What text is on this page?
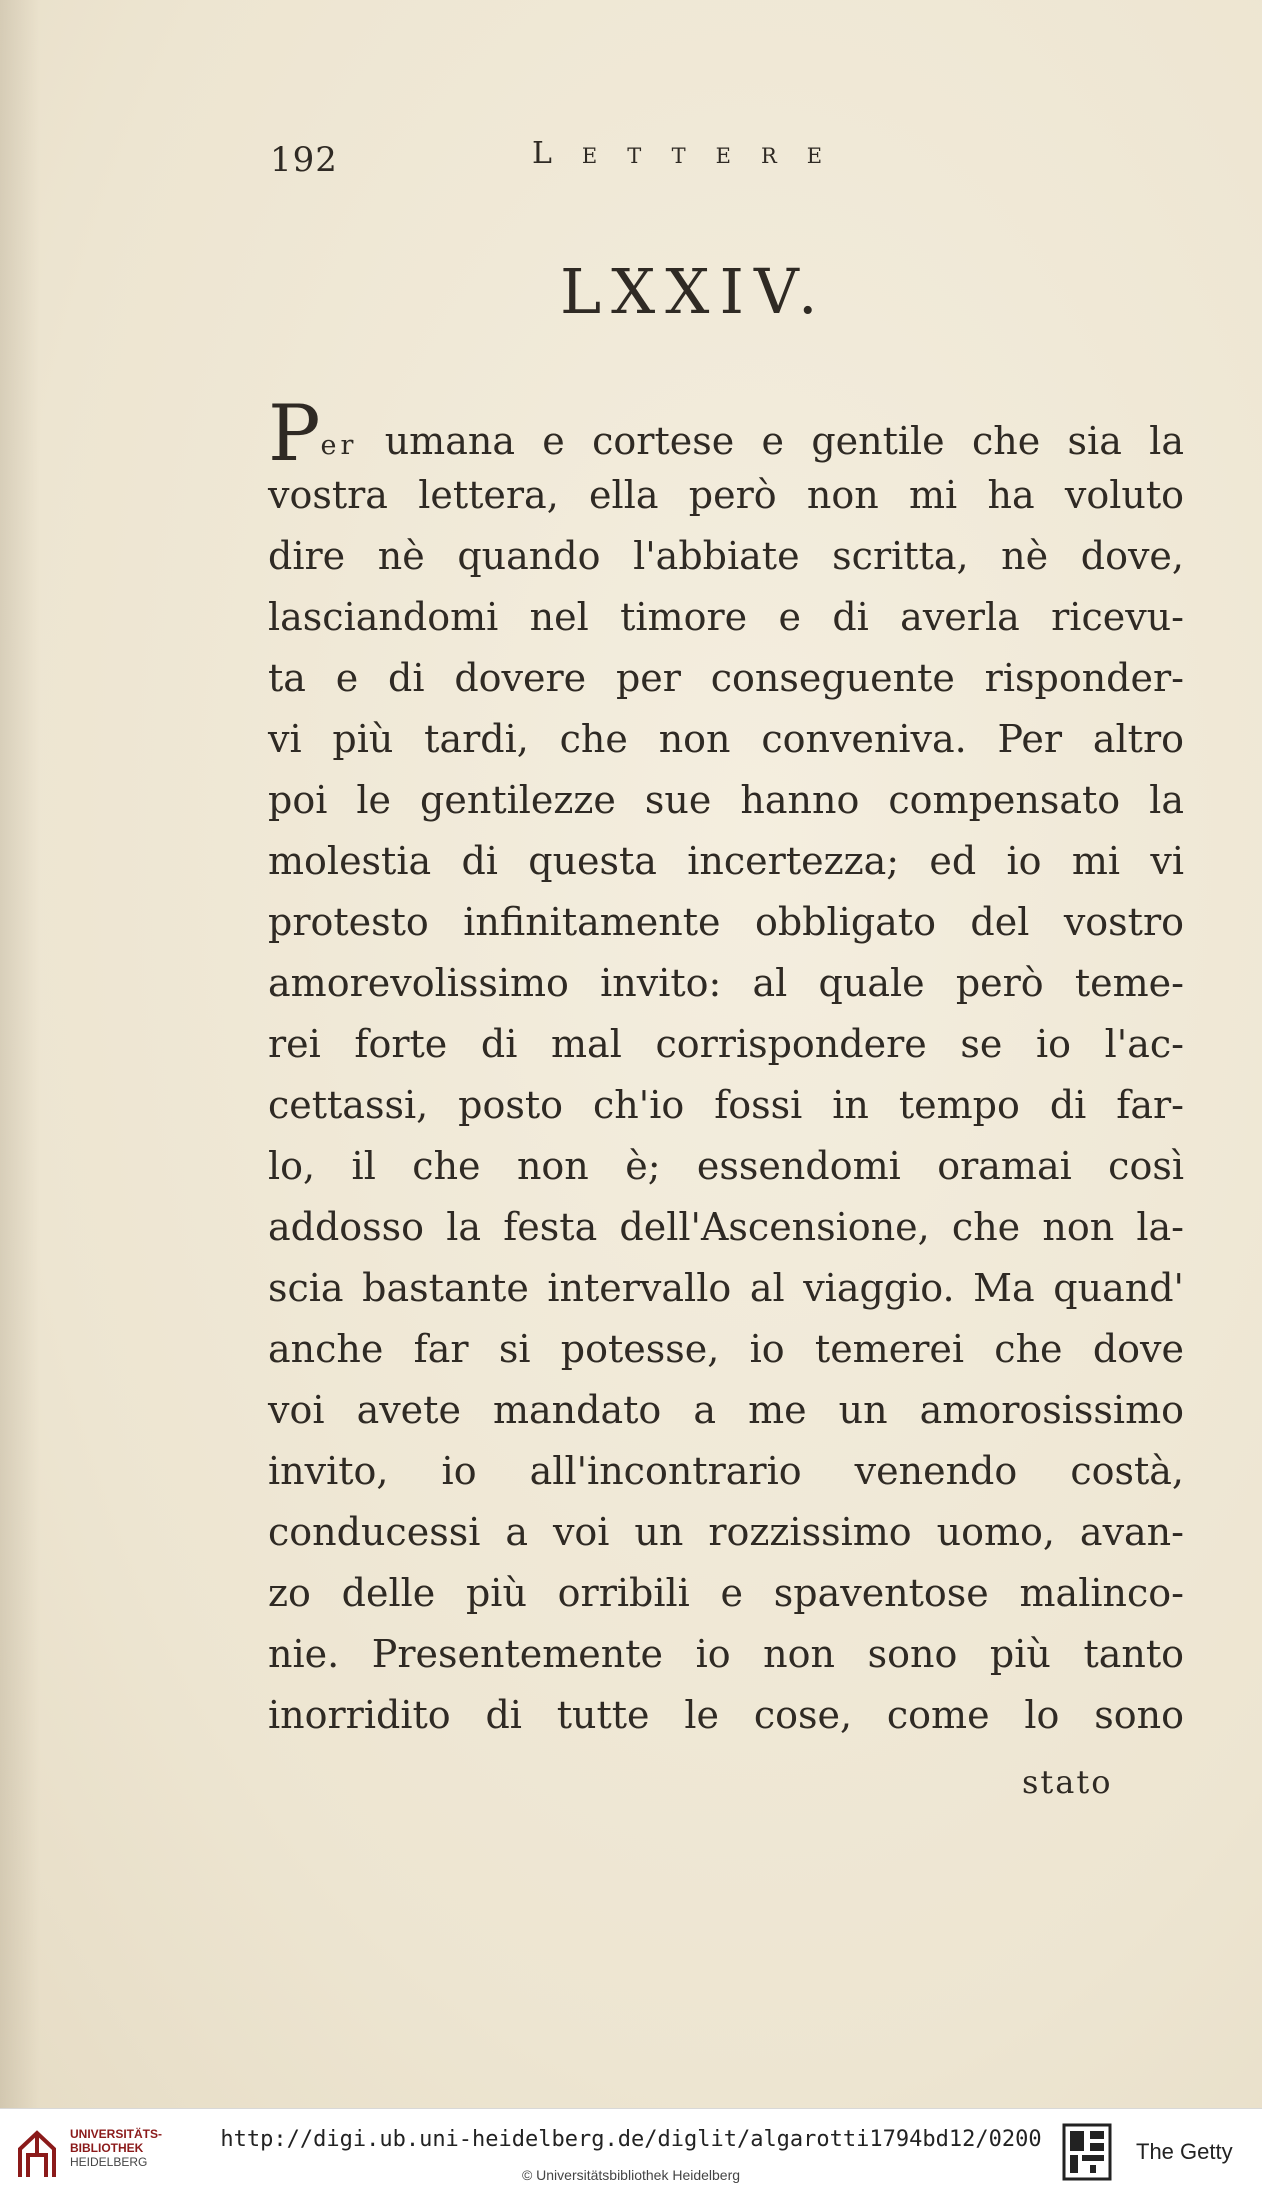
192	Lettere
LXXIV.
Per umana e cortese e gentile che sia la
vostra lettera, ella però non mi ha voluto
dire nè quando l'abbiate scritta, nè dove,
lasciandomi nel timore e di averla ricevu-
ta e di dovere per conseguente risponder-
vi più tardi, che non conveniva. Per altro
poi le gentilezze sue hanno compensato la
molestia di questa incertezza; ed io mi vi
protesto infinitamente obbligato del vostro
amorevolissimo invito: al quale però teme-
rei forte di mal corrispondere se io l'ac-
cettassi, posto ch'io fossi in tempo di far-
lo, il che non è; essendomi oramai così
addosso la festa dell'Ascensione, che non la-
scia bastante intervallo al viaggio. Ma quand'
anche far si potesse, io temerei che dove
voi avete mandato a me un amorosissimo
invito, io all'incontrario venendo costà,
conducessi a voi un rozzissimo uomo, avan-
zo delle più orribili e spaventose malinco-
nie. Presentemente io non sono più tanto
inorridito di tutte le cose, come lo sono
stato
UNIVERSITÄTS-
BIBLIOTHEK
HEIDELBERG
http://digi.ub.uni-heidelberg.de/diglit/algarotti1794bd12/0200
© Universitätsbibliothek Heidelberg
The Getty
